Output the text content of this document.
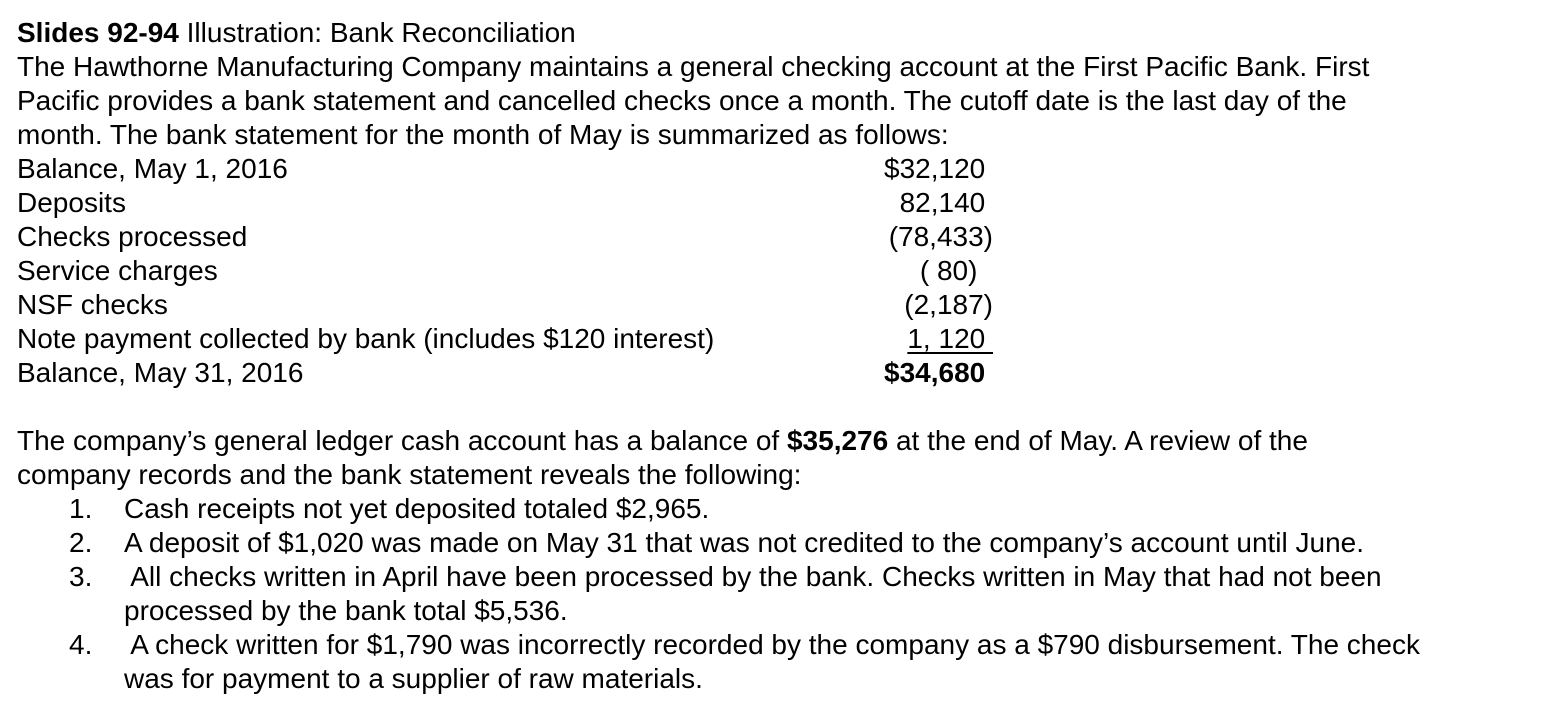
Slides 92-94 Illustration: Bank Reconciliation
The Hawthorne Manufacturing Company maintains a general checking account at the First Pacific Bank. First
Pacific provides a bank statement and cancelled checks once a month. The cutoff date is the last day of the
month. The bank statement for the month of May is summarized as follows:
Balance, May 1, 2016	$32,120
Deposits	82,140
Checks processed	(78,433)
Service charges	( 80)
NSF checks	(2,187)
Note payment collected by bank (includes $120 interest)	1, 120
Balance, May 31, 2016	$34,680
The company’s general ledger cash account has a balance of $35,276 at the end of May. A review of the
company records and the bank statement reveals the following:
1. Cash receipts not yet deposited totaled $2,965.
2. A deposit of $1,020 was made on May 31 that was not credited to the company’s account until June.
3. All checks written in April have been processed by the bank. Checks written in May that had not been
processed by the bank total $5,536.
4. A check written for $1,790 was incorrectly recorded by the company as a $790 disbursement. The check
was for payment to a supplier of raw materials.
